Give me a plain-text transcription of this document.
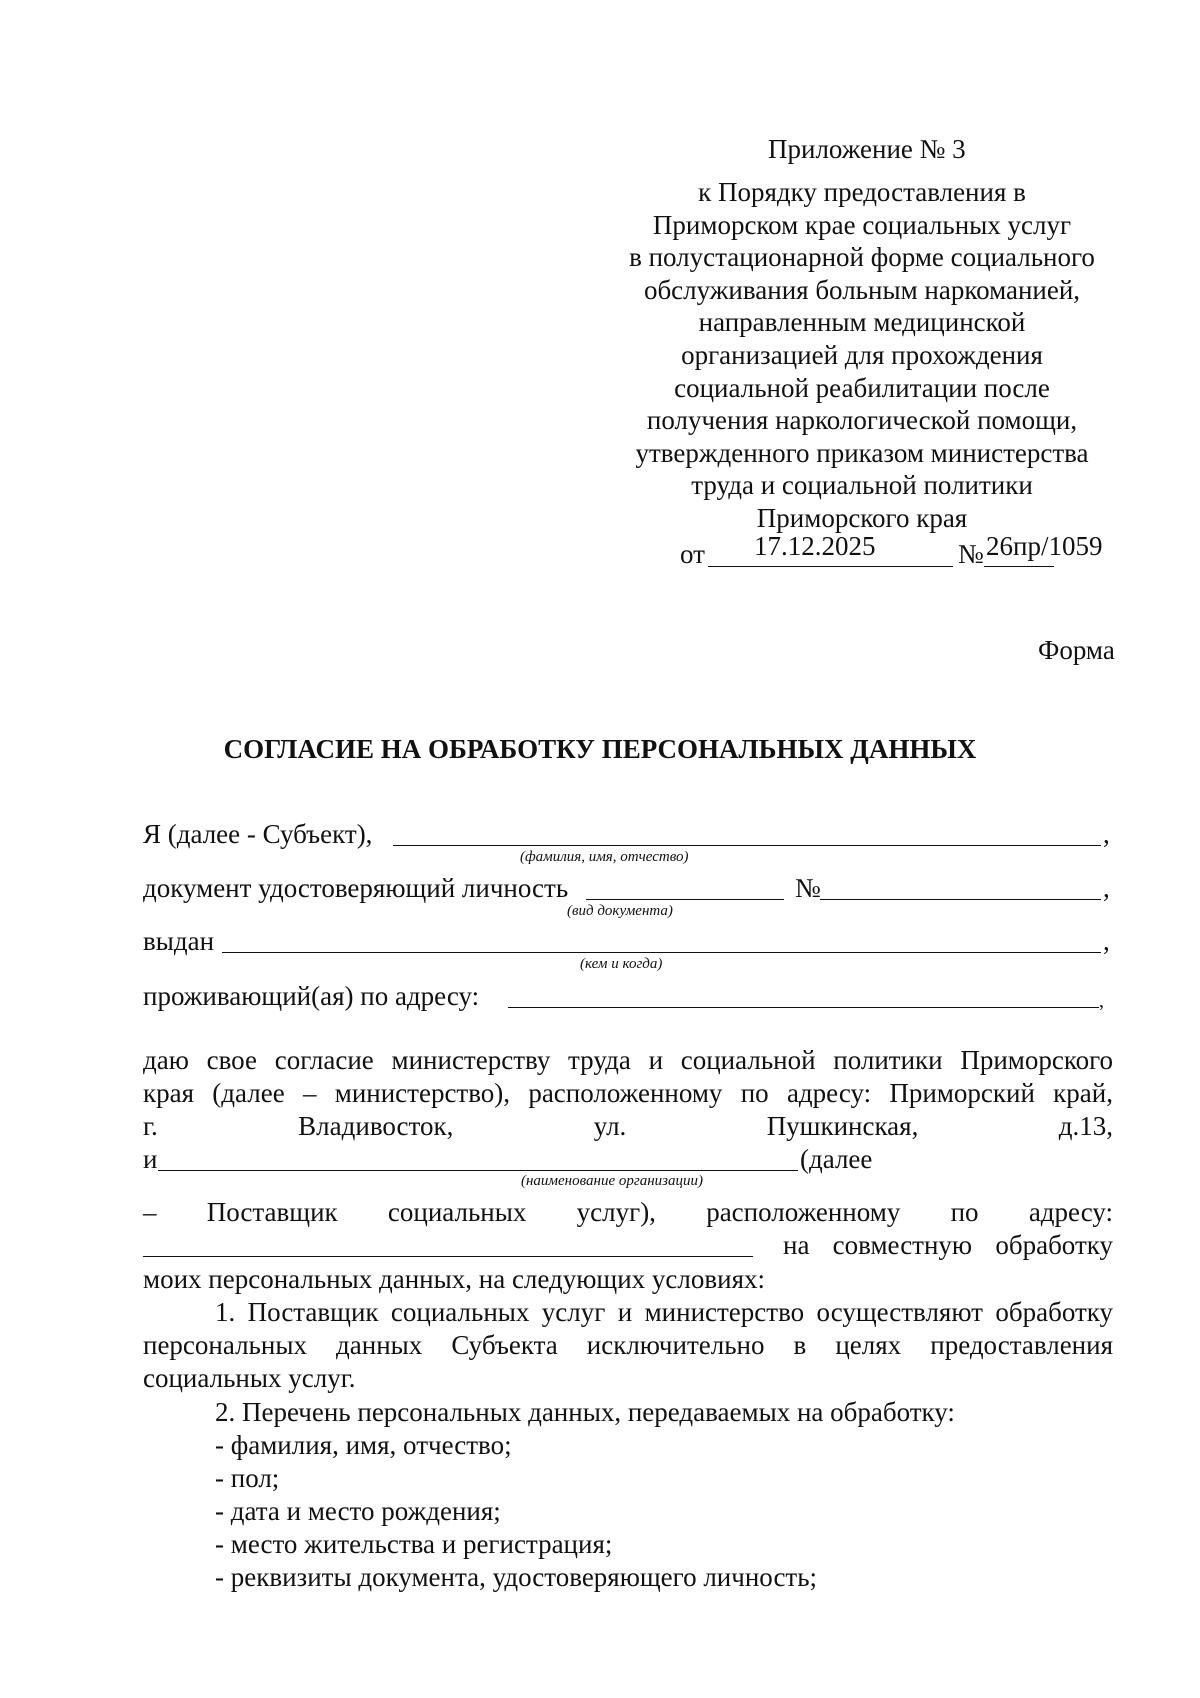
Приложение № 3
к Порядку предоставления в
Приморском крае социальных услуг
в полустационарной форме социального
обслуживания больным наркоманией,
направленным медицинской
организацией для прохождения
социальной реабилитации после
получения наркологической помощи,
утвержденного приказом министерства
труда и социальной политики
Приморского края
от 17.12.2025	№ 26пр/1059
Форма
СОГЛАСИЕ НА ОБРАБОТКУ ПЕРСОНАЛЬНЫХ ДАННЫХ
Я (далее - Субъект),	,
(фамилия, имя, отчество)
документ удостоверяющий личность	№	,
(вид документа)
выдан	,
(кем и когда)
проживающий(ая) по адресу:	,
даю свое согласие министерству труда и социальной политики Приморского
края (далее – министерство), расположенному по адресу: Приморский край,
г.	Владивосток,	ул.	Пушкинская,	д.13,
и	(далее
(наименование организации)
– Поставщик социальных услуг), расположенному по адресу:
на совместную обработку
моих персональных данных, на следующих условиях:
1. Поставщик социальных услуг и министерство осуществляют обработку персональных данных Субъекта исключительно в целях предоставления социальных услуг.
2. Перечень персональных данных, передаваемых на обработку:
- фамилия, имя, отчество;
- пол;
- дата и место рождения;
- место жительства и регистрация;
- реквизиты документа, удостоверяющего личность;
